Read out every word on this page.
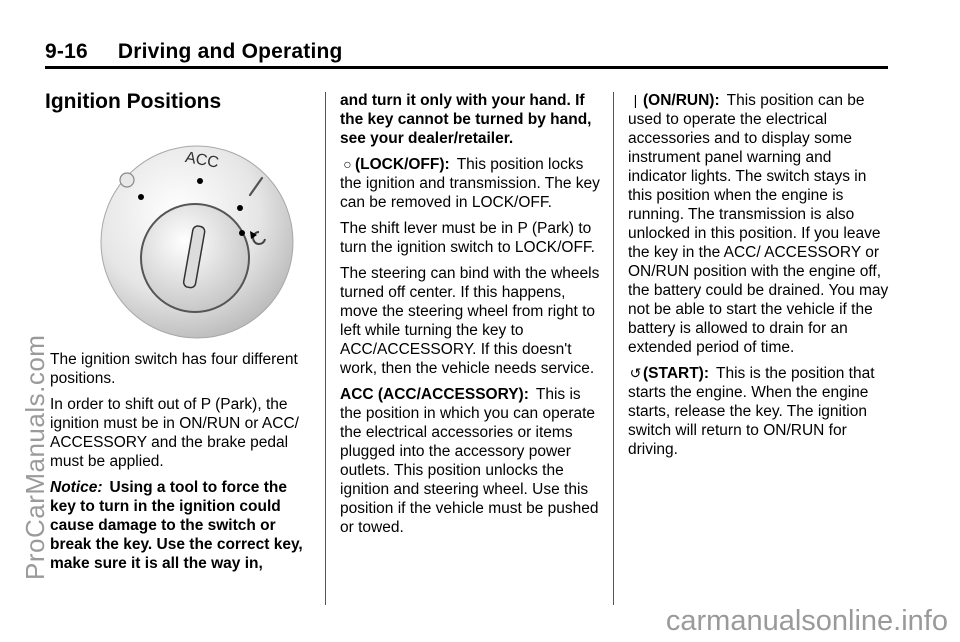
9-16 Driving and Operating
Ignition Positions
ACC

The ignition switch has four different positions.

In order to shift out of P (Park), the ignition must be in ON/RUN or ACC/ ACCESSORY and the brake pedal must be applied.

Notice: Using a tool to force the key to turn in the ignition could cause damage to the switch or break the key. Use the correct key, make sure it is all the way in,

and turn it only with your hand. If the key cannot be turned by hand, see your dealer/retailer.

○ (LOCK/OFF): This position locks the ignition and transmission. The key can be removed in LOCK/OFF.

The shift lever must be in P (Park) to turn the ignition switch to LOCK/OFF.

The steering can bind with the wheels turned off center. If this happens, move the steering wheel from right to left while turning the key to ACC/ACCESSORY. If this doesn't work, then the vehicle needs service.

ACC (ACC/ACCESSORY): This is the position in which you can operate the electrical accessories or items plugged into the accessory power outlets. This position unlocks the ignition and steering wheel. Use this position if the vehicle must be pushed or towed.

| (ON/RUN): This position can be used to operate the electrical accessories and to display some instrument panel warning and indicator lights. The switch stays in this position when the engine is running. The transmission is also unlocked in this position. If you leave the key in the ACC/ ACCESSORY or ON/RUN position with the engine off, the battery could be drained. You may not be able to start the vehicle if the battery is allowed to drain for an extended period of time.

↺ (START): This is the position that starts the engine. When the engine starts, release the key. The ignition switch will return to ON/RUN for driving.

ProCarManuals.com
carmanualsonline.info
